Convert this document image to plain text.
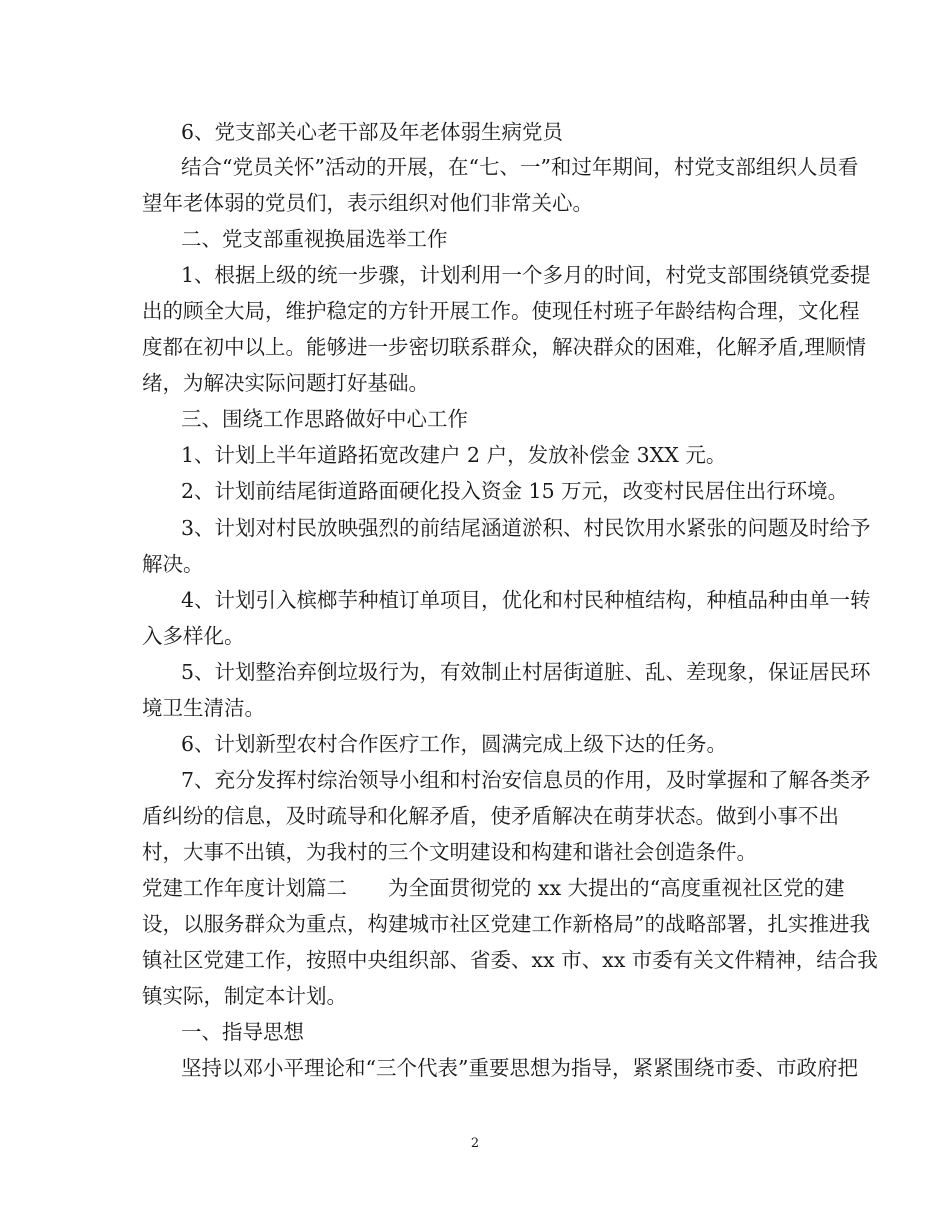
6、党支部关心老干部及年老体弱生病党员

结合“党员关怀”活动的开展，在“七、一”和过年期间，村党支部组织人员看

望年老体弱的党员们，表示组织对他们非常关心。

二、党支部重视换届选举工作

1、根据上级的统一步骤，计划利用一个多月的时间，村党支部围绕镇党委提

出的顾全大局，维护稳定的方针开展工作。使现任村班子年龄结构合理，文化程

度都在初中以上。能够进一步密切联系群众，解决群众的困难，化解矛盾,理顺情

绪，为解决实际问题打好基础。

三、围绕工作思路做好中心工作

1、计划上半年道路拓宽改建户 2 户，发放补偿金 3XX 元。

2、计划前结尾街道路面硬化投入资金 15 万元，改变村民居住出行环境。

3、计划对村民放映强烈的前结尾涵道淤积、村民饮用水紧张的问题及时给予

解决。

4、计划引入槟榔芋种植订单项目，优化和村民种植结构，种植品种由单一转

入多样化。

5、计划整治弃倒垃圾行为，有效制止村居街道脏、乱、差现象，保证居民环

境卫生清洁。

6、计划新型农村合作医疗工作，圆满完成上级下达的任务。

7、充分发挥村综治领导小组和村治安信息员的作用，及时掌握和了解各类矛

盾纠纷的信息，及时疏导和化解矛盾，使矛盾解决在萌芽状态。做到小事不出

村，大事不出镇，为我村的三个文明建设和构建和谐社会创造条件。

党建工作年度计划篇二　　为全面贯彻党的 xx 大提出的“高度重视社区党的建

设，以服务群众为重点，构建城市社区党建工作新格局”的战略部署，扎实推进我

镇社区党建工作，按照中央组织部、省委、xx 市、xx 市委有关文件精神，结合我

镇实际，制定本计划。

一、指导思想

坚持以邓小平理论和“三个代表”重要思想为指导，紧紧围绕市委、市政府把

2
